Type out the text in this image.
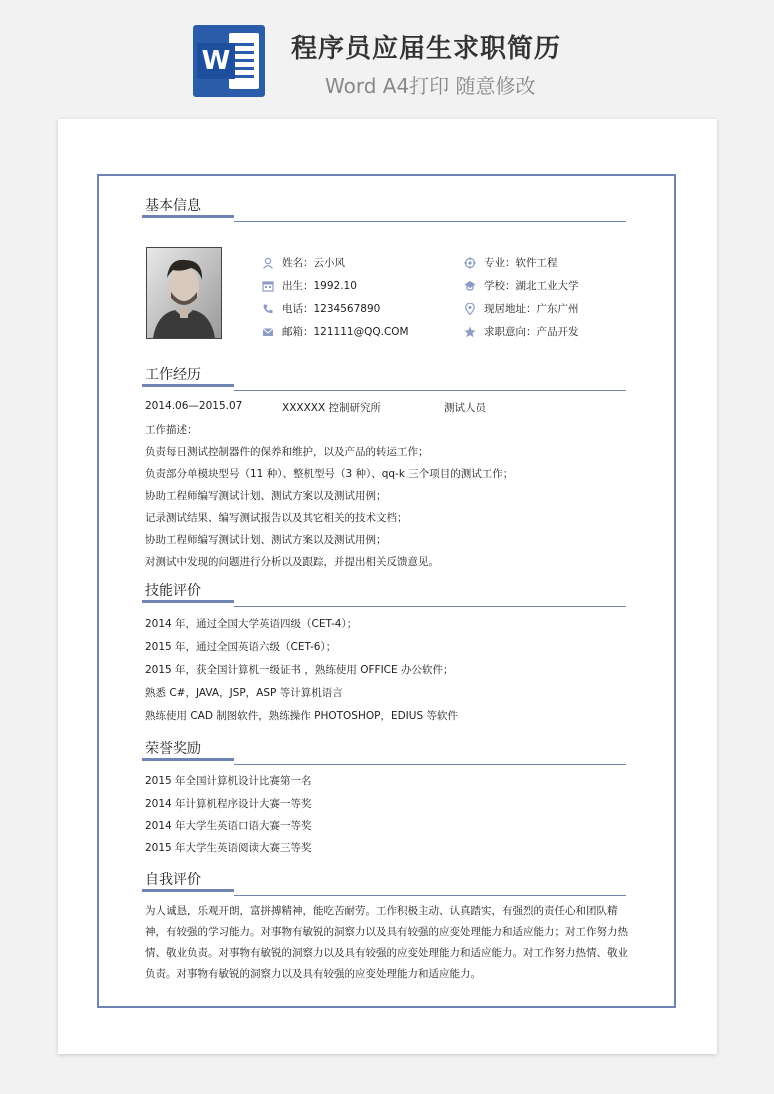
W 程序员应届生求职简历
Word A4打印 随意修改
基本信息
姓名：云小风
出生：1992.10
电话：1234567890
邮箱：121111@QQ.COM
专业：软件工程
学校：湖北工业大学
现居地址：广东广州
求职意向：产品开发
工作经历
2014.06—2015.07	XXXXXX 控制研究所	测试人员
工作描述：
负责每日测试控制器件的保养和维护，以及产品的转运工作；
负责部分单模块型号（11 种）、整机型号（3 种）、qq-k 三个项目的测试工作；
协助工程师编写测试计划、测试方案以及测试用例；
记录测试结果、编写测试报告以及其它相关的技术文档；
协助工程师编写测试计划、测试方案以及测试用例；
对测试中发现的问题进行分析以及跟踪，并提出相关反馈意见。
技能评价
2014 年，通过全国大学英语四级（CET-4）；
2015 年，通过全国英语六级（CET-6）；
2015 年，获全国计算机一级证书 ，熟练使用 OFFICE 办公软件；
熟悉 C#，JAVA，JSP，ASP 等计算机语言
熟练使用 CAD 制图软件，熟练操作 PHOTOSHOP，EDIUS 等软件
荣誉奖励
2015 年全国计算机设计比赛第一名
2014 年计算机程序设计大赛一等奖
2014 年大学生英语口语大赛一等奖
2015 年大学生英语阅读大赛三等奖
自我评价
为人诚恳，乐观开朗，富拼搏精神，能吃苦耐劳。工作积极主动、认真踏实，有强烈的责任心和团队精神，有较强的学习能力。对事物有敏锐的洞察力以及具有较强的应变处理能力和适应能力；对工作努力热情、敬业负责。对事物有敏锐的洞察力以及具有较强的应变处理能力和适应能力。对工作努力热情、敬业负责。对事物有敏锐的洞察力以及具有较强的应变处理能力和适应能力。
